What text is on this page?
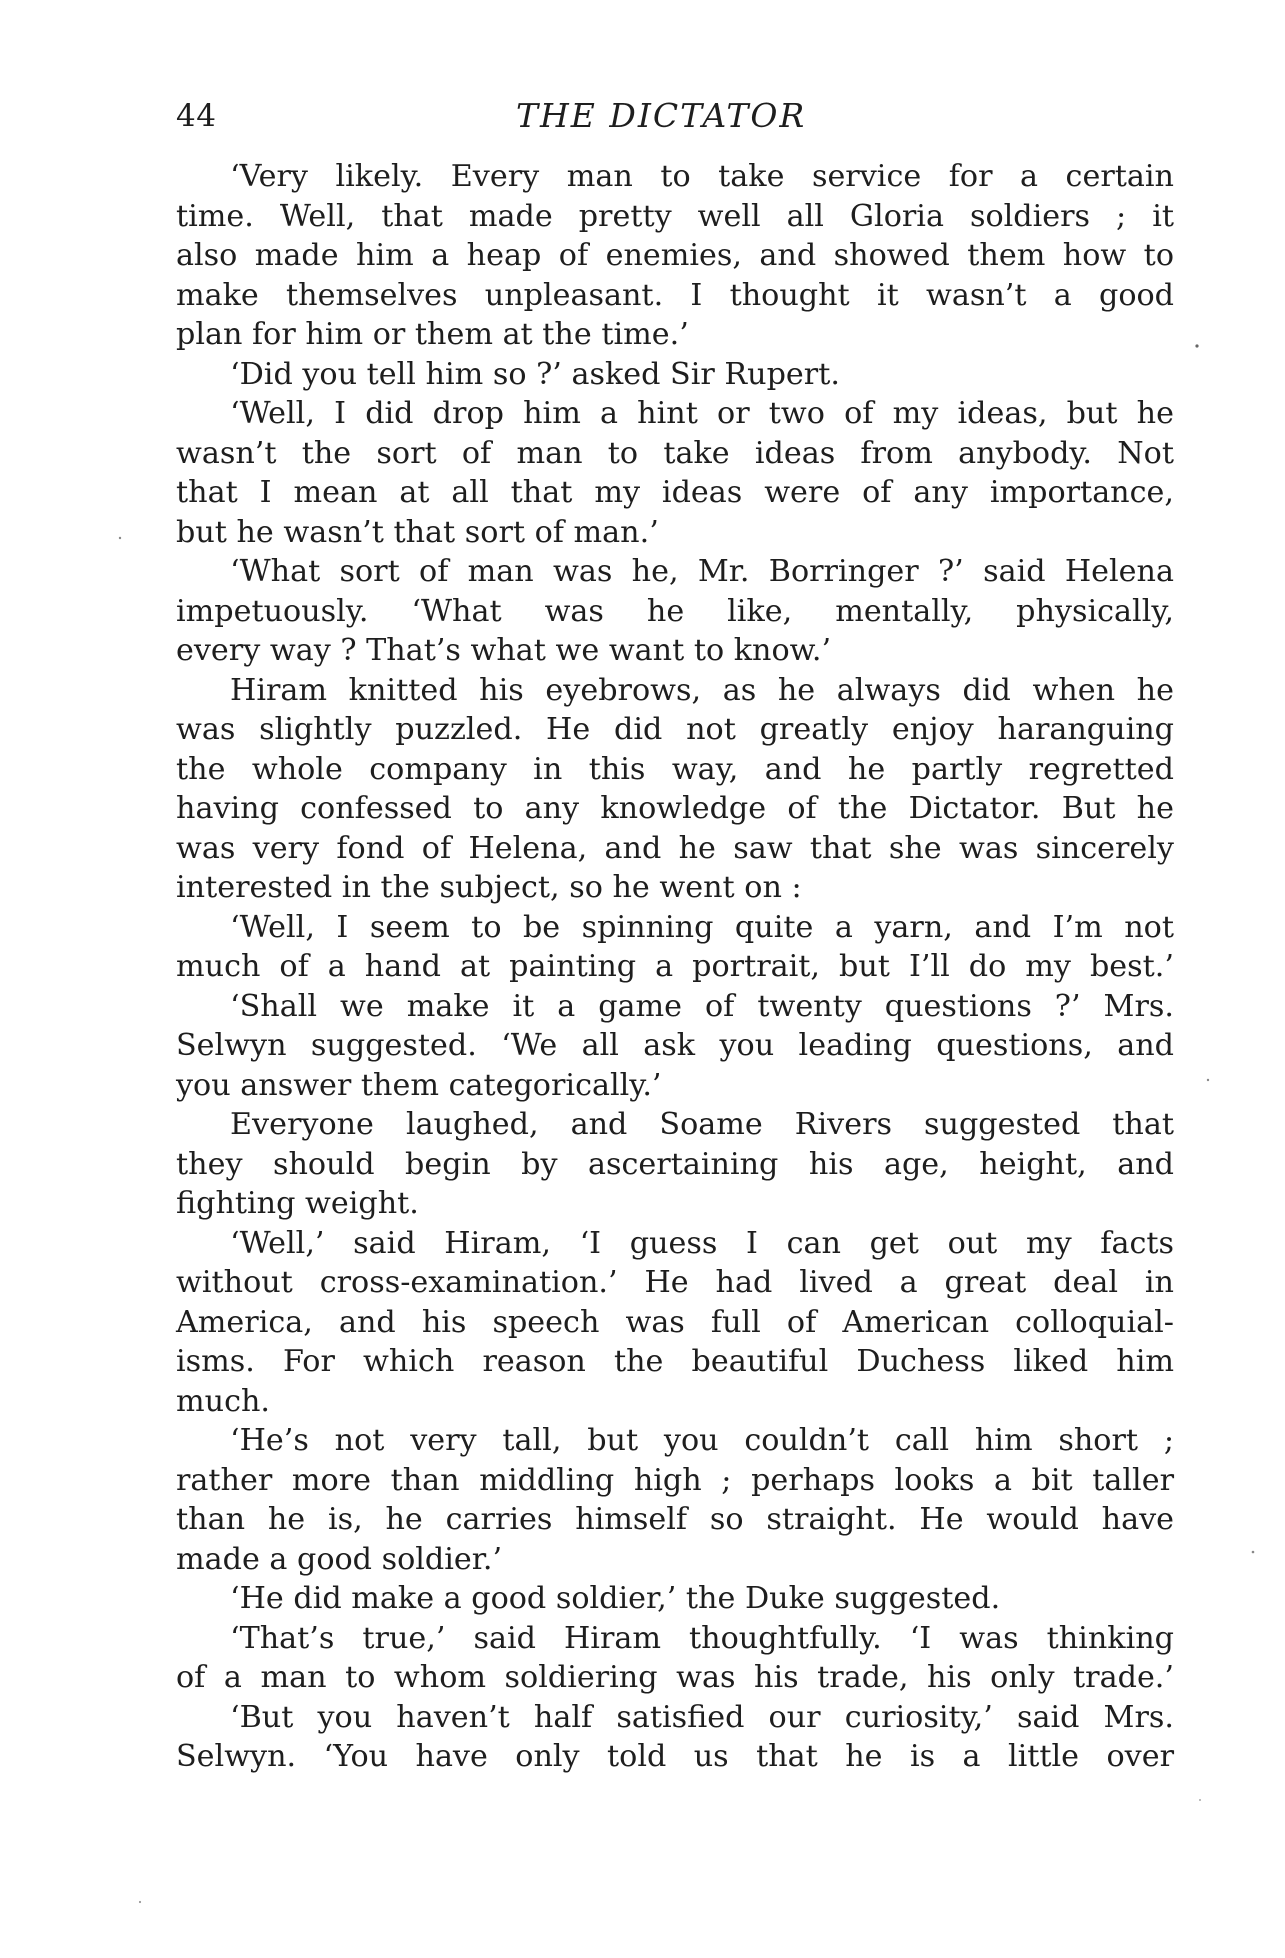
44	THE DICTATOR
‘Very likely. Every man to take service for a certain
time. Well, that made pretty well all Gloria soldiers ; it
also made him a heap of enemies, and showed them how to
make themselves unpleasant. I thought it wasn’t a good
plan for him or them at the time.’
‘Did you tell him so ?’ asked Sir Rupert.
‘Well, I did drop him a hint or two of my ideas, but he
wasn’t the sort of man to take ideas from anybody. Not
that I mean at all that my ideas were of any importance,
but he wasn’t that sort of man.’
‘What sort of man was he, Mr. Borringer ?’ said Helena
impetuously. ‘What was he like, mentally, physically,
every way ? That’s what we want to know.’
Hiram knitted his eyebrows, as he always did when he
was slightly puzzled. He did not greatly enjoy haranguing
the whole company in this way, and he partly regretted
having confessed to any knowledge of the Dictator. But he
was very fond of Helena, and he saw that she was sincerely
interested in the subject, so he went on :
‘Well, I seem to be spinning quite a yarn, and I’m not
much of a hand at painting a portrait, but I’ll do my best.’
‘Shall we make it a game of twenty questions ?’ Mrs.
Selwyn suggested. ‘We all ask you leading questions, and
you answer them categorically.’
Everyone laughed, and Soame Rivers suggested that
they should begin by ascertaining his age, height, and
fighting weight.
‘Well,’ said Hiram, ‘I guess I can get out my facts
without cross-examination.’ He had lived a great deal in
America, and his speech was full of American colloquial-
isms. For which reason the beautiful Duchess liked him
much.
‘He’s not very tall, but you couldn’t call him short ;
rather more than middling high ; perhaps looks a bit taller
than he is, he carries himself so straight. He would have
made a good soldier.’
‘He did make a good soldier,’ the Duke suggested.
‘That’s true,’ said Hiram thoughtfully. ‘I was thinking
of a man to whom soldiering was his trade, his only trade.’
‘But you haven’t half satisfied our curiosity,’ said Mrs.
Selwyn. ‘You have only told us that he is a little over
